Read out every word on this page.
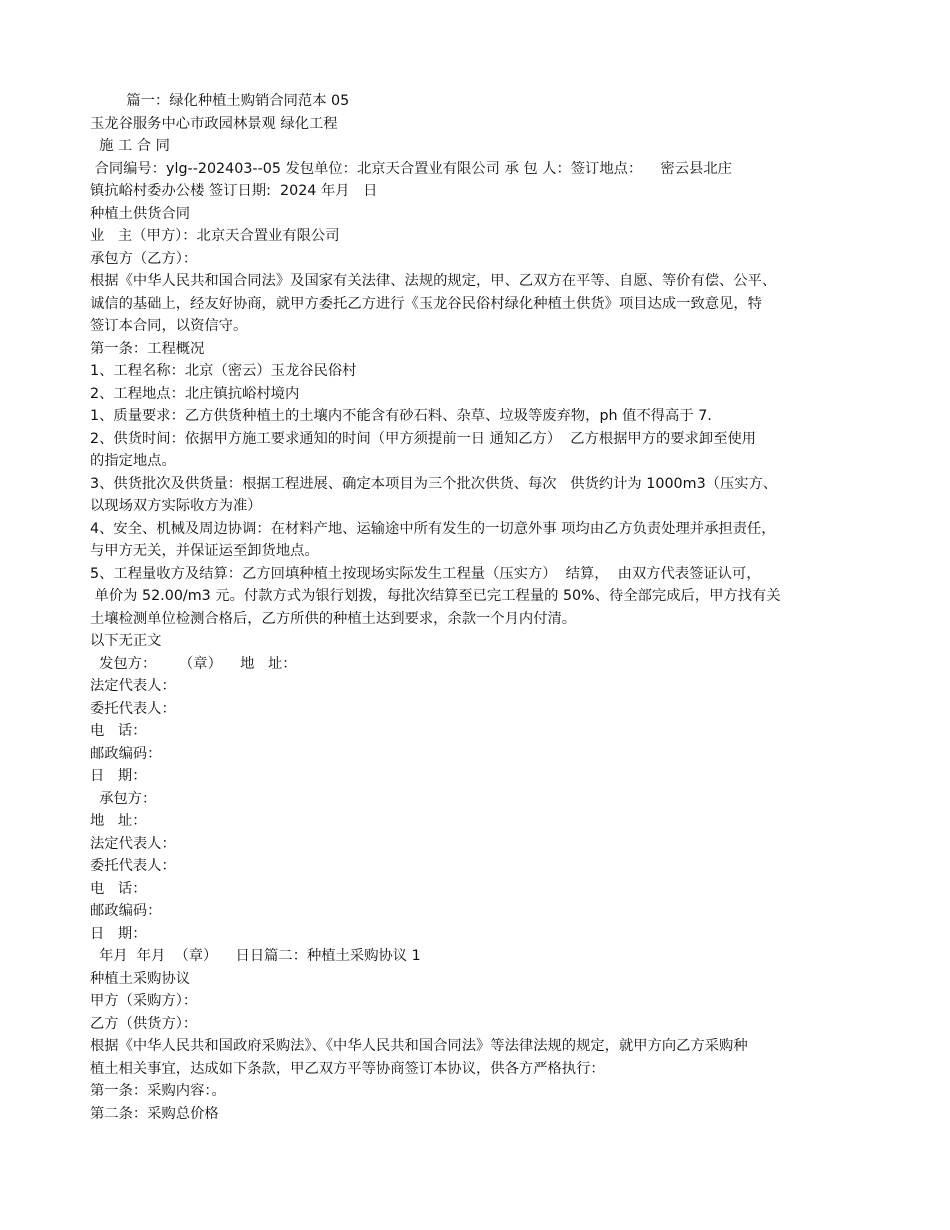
篇一：绿化种植土购销合同范本 05

玉龙谷服务中心市政园林景观 绿化工程

施 工 合 同

合同编号：ylg--202403--05 发包单位：北京天合置业有限公司 承 包 人：签订地点：    密云县北庄

镇抗峪村委办公楼 签订日期:  2024 年月   日

种植土供货合同

业   主（甲方）：北京天合置业有限公司

承包方（乙方）：

根据《中华人民共和国合同法》及国家有关法律、法规的规定，甲、乙双方在平等、自愿、等价有偿、公平、

诚信的基础上，经友好协商，就甲方委托乙方进行《玉龙谷民俗村绿化种植土供货》项目达成一致意见，特

签订本合同，以资信守。

第一条：工程概况

1、工程名称：北京（密云）玉龙谷民俗村

2、工程地点：北庄镇抗峪村境内

1、质量要求：乙方供货种植土的土壤内不能含有砂石料、杂草、垃圾等废弃物，ph 值不得高于 7.

2、供货时间：依据甲方施工要求通知的时间（甲方须提前一日 通知乙方）  乙方根据甲方的要求卸至使用

的指定地点。

3、供货批次及供货量：根据工程进展、确定本项目为三个批次供货、每次   供货约计为 1000m3（压实方、

以现场双方实际收方为准）

4、安全、机械及周边协调：在材料产地、运输途中所有发生的一切意外事 项均由乙方负责处理并承担责任，

与甲方无关，并保证运至卸货地点。

5、工程量收方及结算：乙方回填种植土按现场实际发生工程量（压实方）  结算，  由双方代表签证认可，

单价为 52.00/m3 元。付款方式为银行划拨，每批次结算至已完工程量的 50%、待全部完成后，甲方找有关

土壤检测单位检测合格后，乙方所供的种植土达到要求，余款一个月内付清。

以下无正文

发包方：     （章）    地   址：

法定代表人：

委托代表人：

电   话：

邮政编码：

日   期：

承包方：

地   址：

法定代表人：

委托代表人：

电   话：

邮政编码：

日   期：

年月  年月  （章）    日日篇二：种植土采购协议 1

种植土采购协议

甲方（采购方）：

乙方（供货方）：

根据《中华人民共和国政府采购法》、《中华人民共和国合同法》等法律法规的规定，就甲方向乙方采购种

植土相关事宜，达成如下条款，甲乙双方平等协商签订本协议，供各方严格执行：

第一条：采购内容：。

第二条：采购总价格
